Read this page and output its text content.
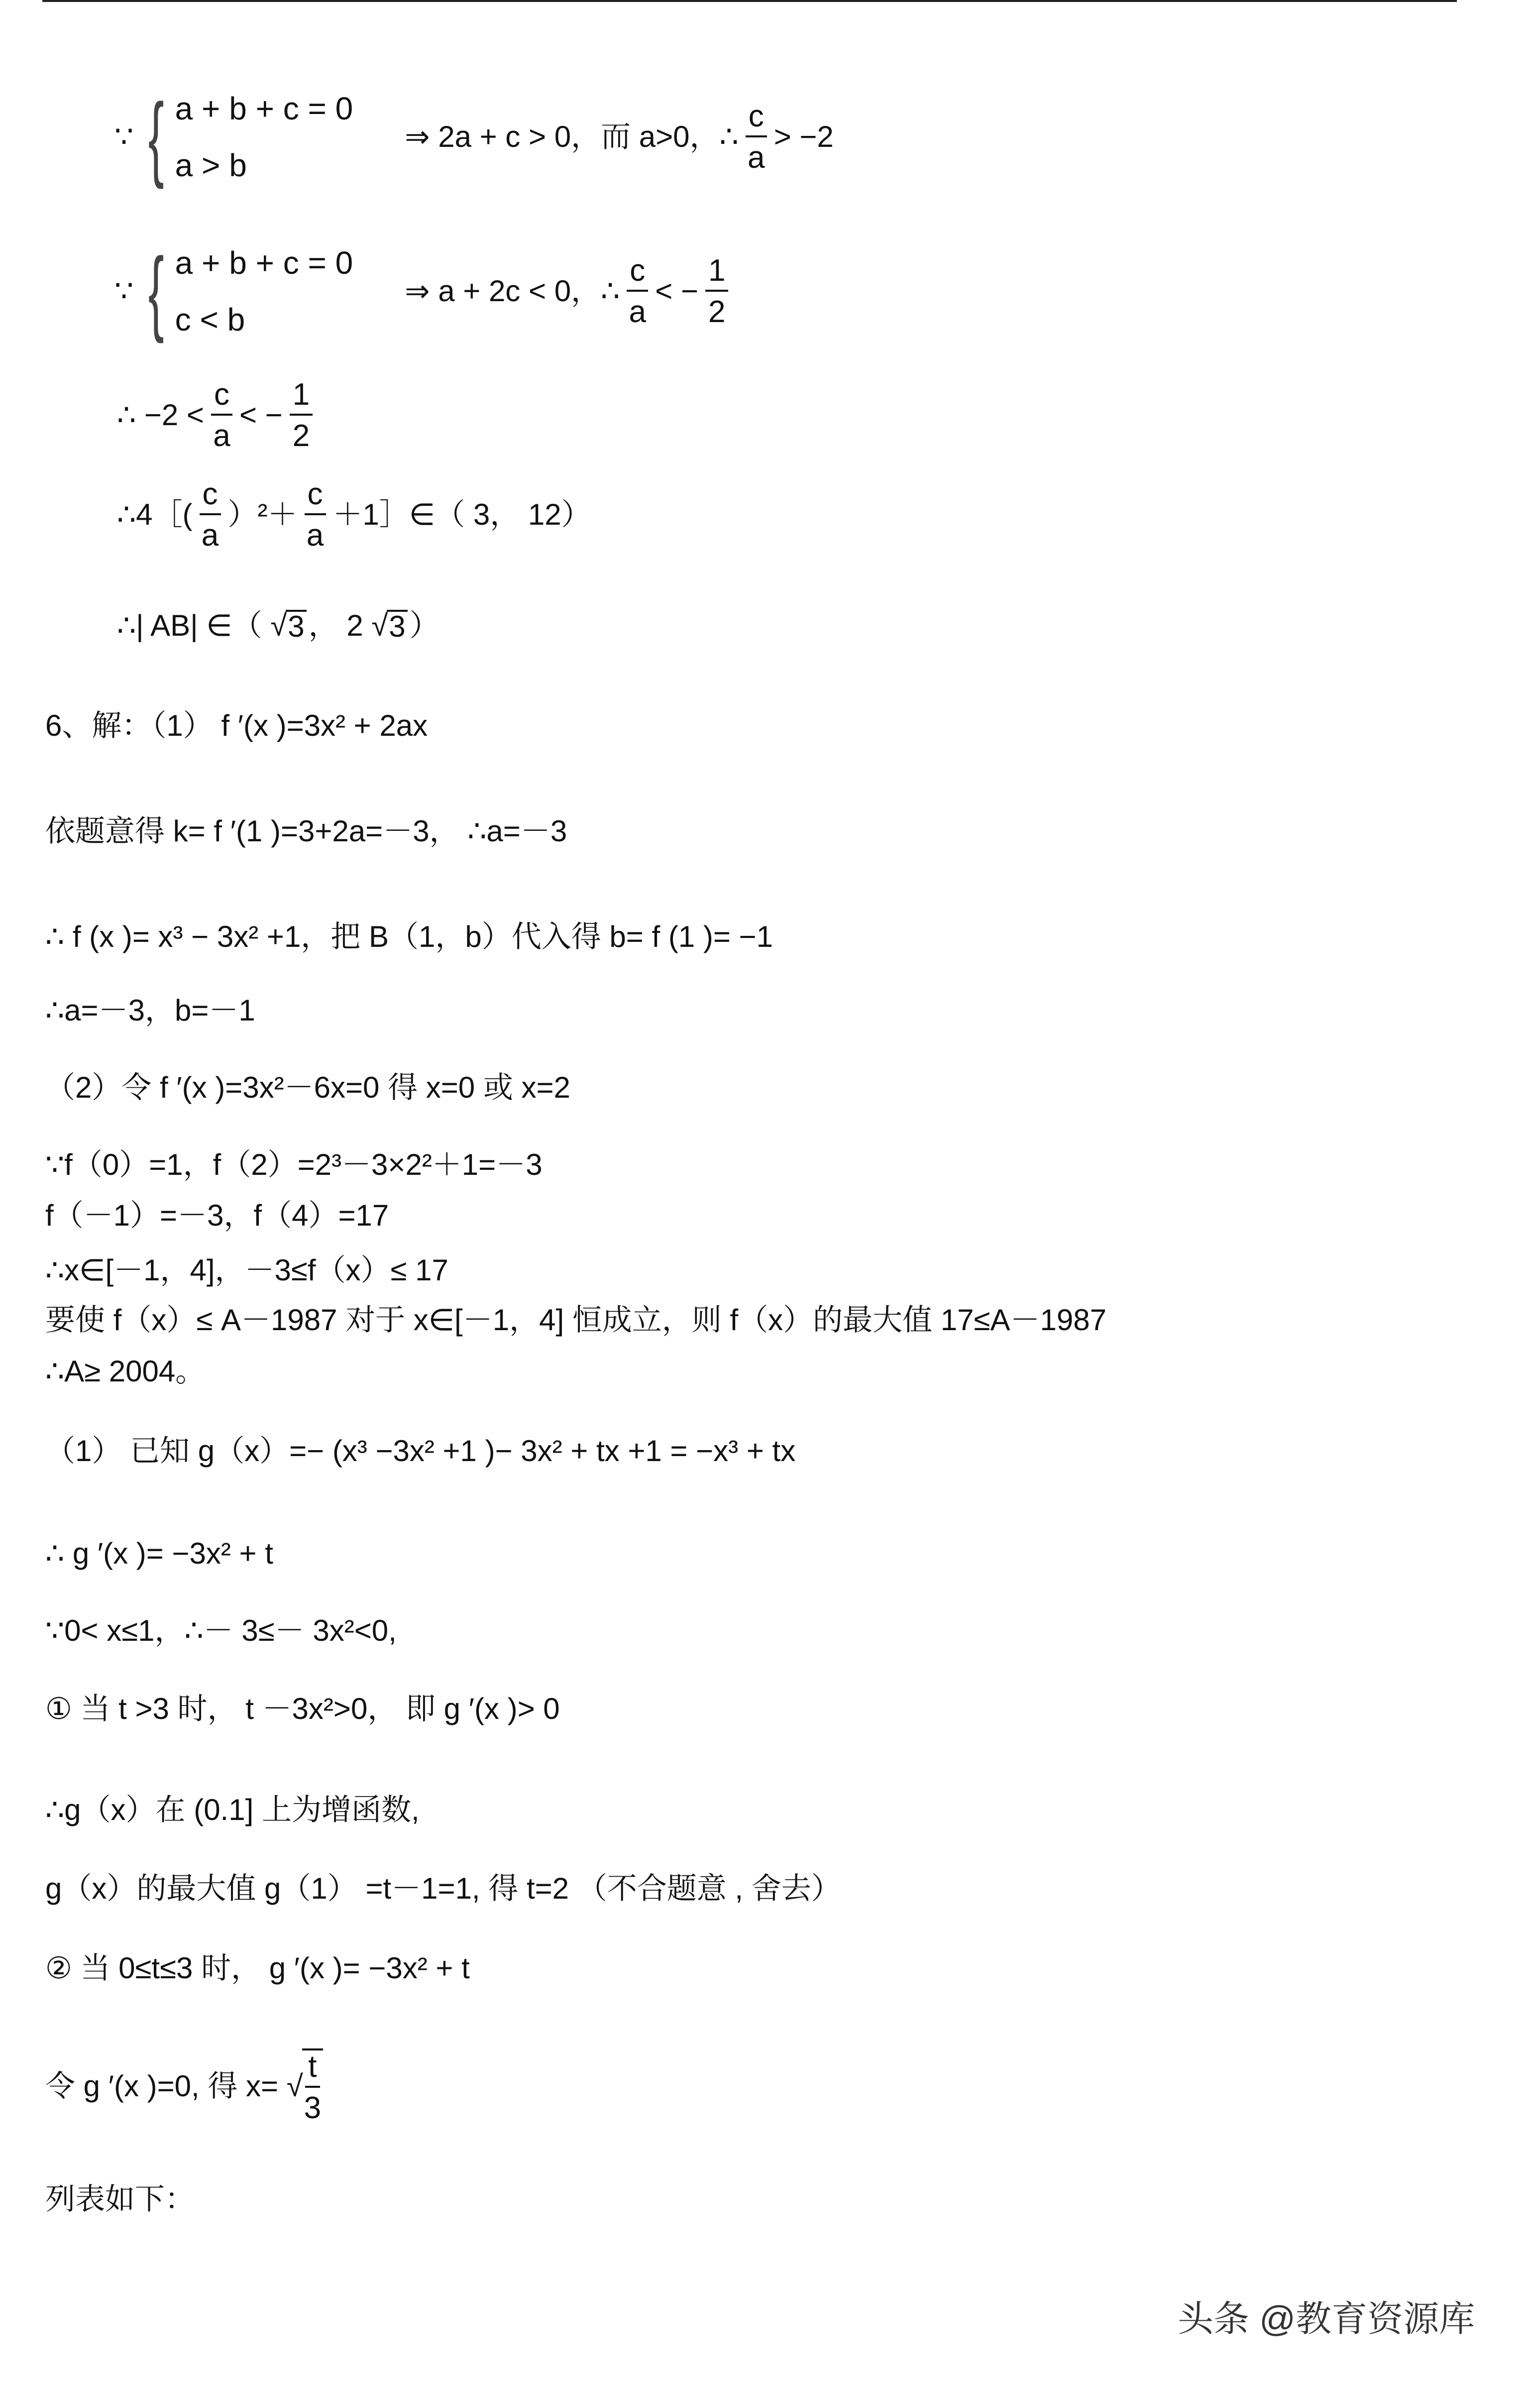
∵ { a + b + c = 0
a > b
⇒ 2a + c > 0，而 a>0，∴ $\frac{c}{a} > -2$
∵ { a + b + c = 0
c < b
⇒ a + 2c < 0，∴ $\frac{c}{a}$ < − $\frac{1}{2}$
∴ $-2 < \frac{c}{a}$ < − $\frac{1}{2}$
∴4［( $\frac{c}{a} )^2+ \frac{c}{a}$ ＋1］∈（ 3， 12）
∴| AB| ∈（ √ 3 ， 2 √ 3 ）
6、解：（1） f ′(x )=3x² + 2ax
依题意得 k= f ′(1 )=3+2a=－3， ∴a=－3
∴ f (x )= x³ − 3x² +1，把 B（1，b）代入得 b= f (1 )= −1
∴a=－3，b=－1
（2）令 f ′(x )=3x²－6x=0 得 x=0 或 x=2
∵f（0）=1，f（2）=2³－3×2²＋1=－3
f（－1）=－3，f（4）=17
∴x∈[－1，4]，－3≤f（x）≤ 17
要使 f（x）≤ A－1987 对于 x∈[－1，4] 恒成立，则 f（x）的最大值 17≤A－1987
∴A≥ 2004。
（1） 已知 g（x）=− (x³ −3x² +1 )− 3x² + tx +1 = −x³ + tx
∴ g ′(x )= −3x² + t
∵0< x≤1，∴－ 3≤－ 3x²<0,
① 当 t >3 时， t －3x²>0， 即 g ′(x )> 0
∴g（x）在 (0.1] 上为增函数,
g（x）的最大值 g（1） =t－1=1, 得 t=2 （不合题意 , 舍去）
② 当 0≤t≤3 时， g ′(x )= −3x² + t
令 g ′(x )=0, 得 x= √
$\frac{t}{3}$
列表如下：
头条 @教育资源库
